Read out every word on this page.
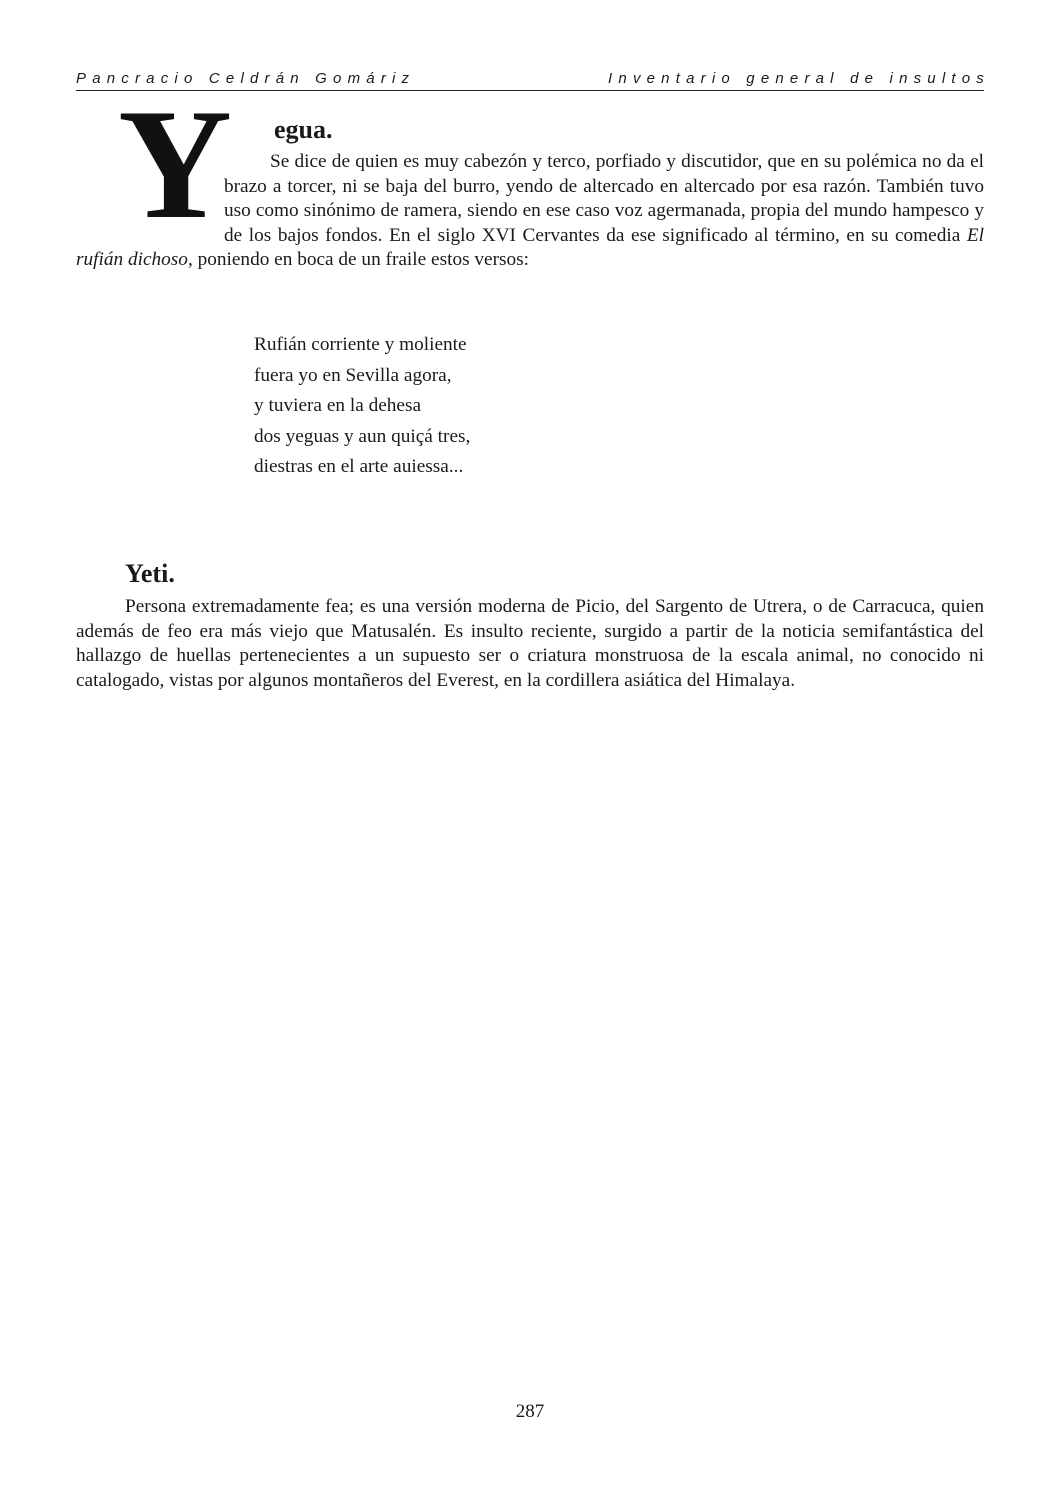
Pancracio Celdrán Gomáriz	Inventario general de insultos
Y egua.

Se dice de quien es muy cabezón y terco, porfiado y discutidor, que en su polémica no da el brazo a torcer, ni se baja del burro, yendo de altercado en altercado por esa razón. También tuvo uso como sinónimo de ramera, siendo en ese caso voz agermanada, propia del mundo hampesco y de los bajos fondos. En el siglo XVI Cervantes da ese significado al término, en su comedia El rufián dichoso, poniendo en boca de un fraile estos versos:

Rufián corriente y moliente
fuera yo en Sevilla agora,
y tuviera en la dehesa
dos yeguas y aun quiçá tres,
diestras en el arte auiessa...
Yeti.

Persona extremadamente fea; es una versión moderna de Picio, del Sargento de Utrera, o de Carracuca, quien además de feo era más viejo que Matusalén. Es insulto reciente, surgido a partir de la noticia semifantástica del hallazgo de huellas pertenecientes a un supuesto ser o criatura monstruosa de la escala animal, no conocido ni catalogado, vistas por algunos montañeros del Everest, en la cordillera asiática del Himalaya.

287
